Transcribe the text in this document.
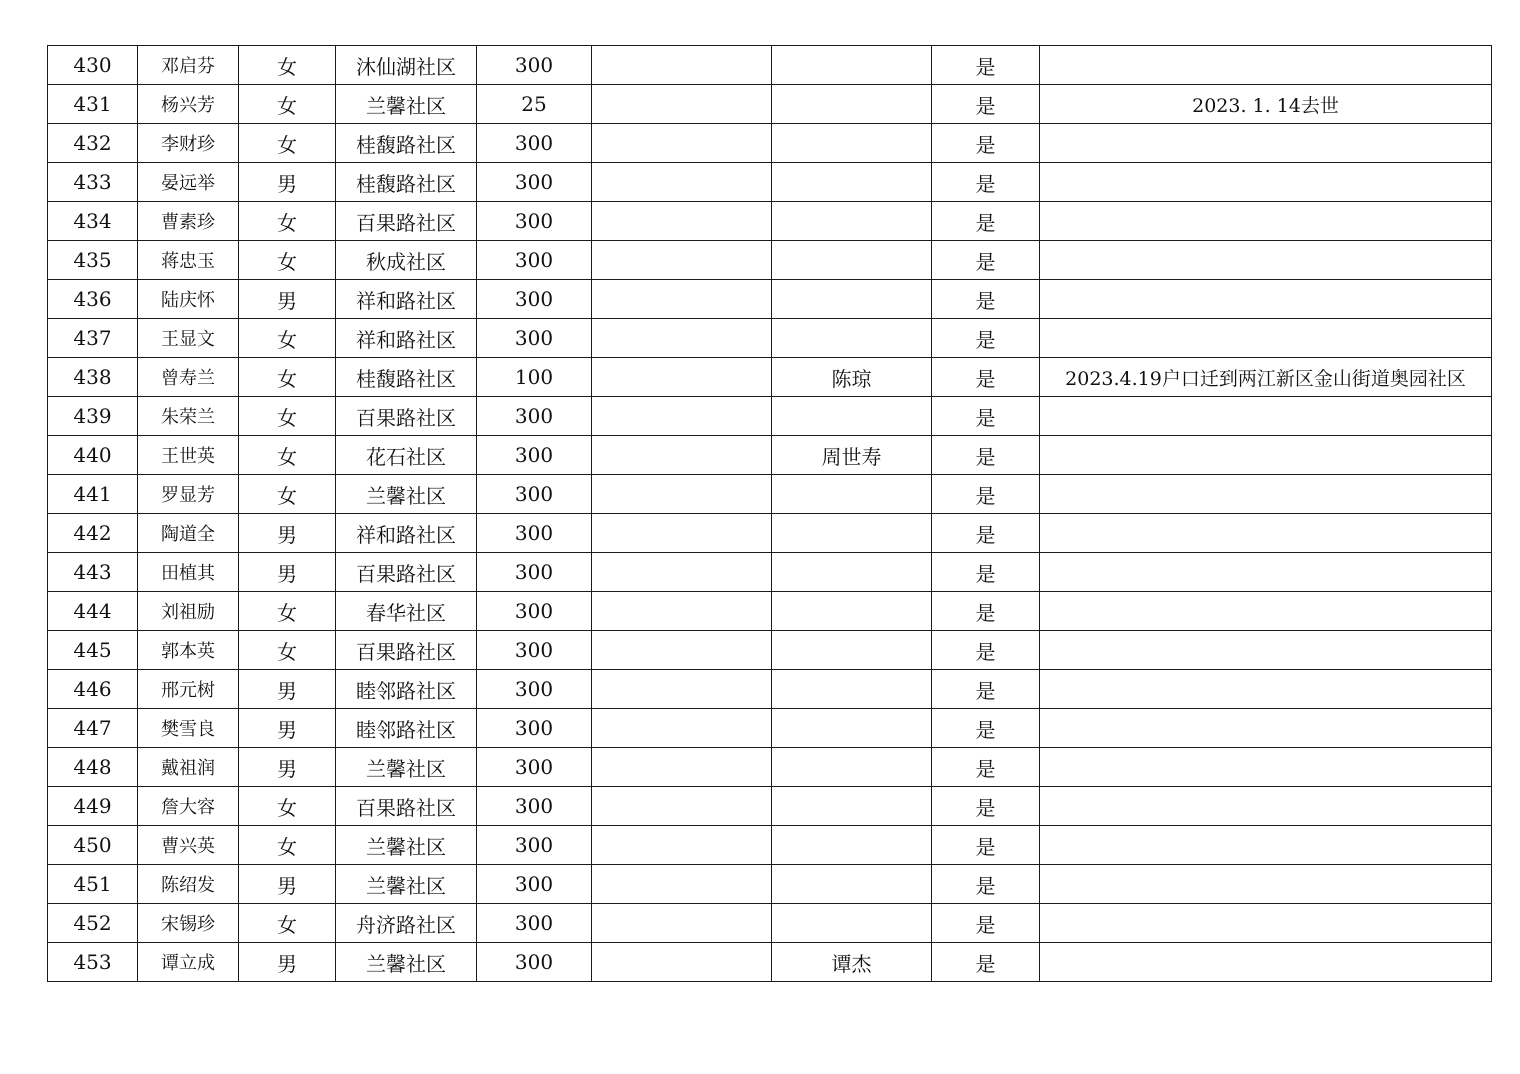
430	邓启芬	女	沐仙湖社区	300			是	
431	杨兴芳	女	兰馨社区	25			是	2023. 1. 14去世
432	李财珍	女	桂馥路社区	300			是	
433	晏远举	男	桂馥路社区	300			是	
434	曹素珍	女	百果路社区	300			是	
435	蒋忠玉	女	秋成社区	300			是	
436	陆庆怀	男	祥和路社区	300			是	
437	王显文	女	祥和路社区	300			是	
438	曾寿兰	女	桂馥路社区	100		陈琼	是	2023.4.19户口迁到两江新区金山街道奥园社区
439	朱荣兰	女	百果路社区	300			是	
440	王世英	女	花石社区	300		周世寿	是	
441	罗显芳	女	兰馨社区	300			是	
442	陶道全	男	祥和路社区	300			是	
443	田植其	男	百果路社区	300			是	
444	刘祖励	女	春华社区	300			是	
445	郭本英	女	百果路社区	300			是	
446	邢元树	男	睦邻路社区	300			是	
447	樊雪良	男	睦邻路社区	300			是	
448	戴祖润	男	兰馨社区	300			是	
449	詹大容	女	百果路社区	300			是	
450	曹兴英	女	兰馨社区	300			是	
451	陈绍发	男	兰馨社区	300			是	
452	宋锡珍	女	舟济路社区	300			是	
453	谭立成	男	兰馨社区	300		谭杰	是	
